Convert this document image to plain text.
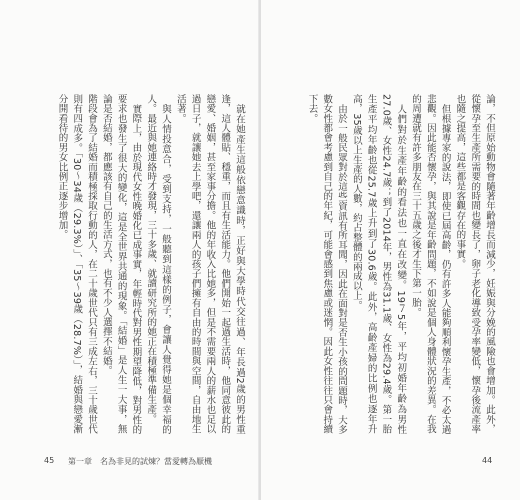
就在她產生這般依戀意識時，正好與大學時代交往過、年長過2歲的男性重逢，這人體貼、穩重，而且有生活能力。他們開始一起過生活時，他同意彼此的戀愛、婚姻，甚至家事分擔。他的年收入比她多，但是不需要兩人的薪水也足以過日子，就讓她去上學吧，還讓兩人的孩子們擁有自由的時間與空間，自由地生活著。

與人情投意合，受到支持，一般聽到這樣的例子，會讓人覺得她是個幸福的人。最近與她連絡時才發現，三十多歲、就讀研究所的她正在積極準備生產。

實際上，由於現代女性晚婚化已成事實，年輕時代對男性期望降低，對男性的要求也發生了很大的變化，這是全世界共通的現象。「結婚」是人生一大事，無論是否結婚，都應該有自己的生活方式，也有不少人選擇不結婚。

階段會為了結婚而積極採取行動的人，在二十歲世代只有三成左右，三十歲世代則有四成多。「30～34歲（29.3%）」、「35～39歲（28.7%）」，結婚與戀愛漸分開看待的男女比例正逐步增加。

45 第一章　名為非見的試煉？當愛轉為厭機

論，不但原始動物會隨著年齡增長而減少，妊娠與分娩的風險也會增加。此外，從懷孕至生產所需要的時間也變長了，卵子老化導致受孕率變低，懷孕後流產率也隨之提高，這些都是客觀存在的事實。

但根據專家的說法，即使已屆高齡，仍有許多人能夠順利懷孕生產，不必太過悲觀。因此能否懷孕，與其說是年齡問題，不如說是個人身體狀況的差異。在我的周遭就有許多朋友在三十五歲之後才生下第一胎。

人們對於生產年齡的看法也一直在改變。19７5年，平均初婚年齡為男性27.0歲、女性24.7歲；到了2014年，男性為31.1歲、女性為29.4歲。第一胎生產平均年齡也從25.7歲上升到了30.6歲。此外，高齡產婦的比例也逐年升高，35歲以上生產的人數，約占整體的兩成以上。

由於一般民眾對於這些資訊有所耳聞，因此在面對是否生小孩的問題時，大多數女性都會考慮到自己的年紀，可能會感到焦慮或迷惘。因此女性往往只會持續下去。

44
